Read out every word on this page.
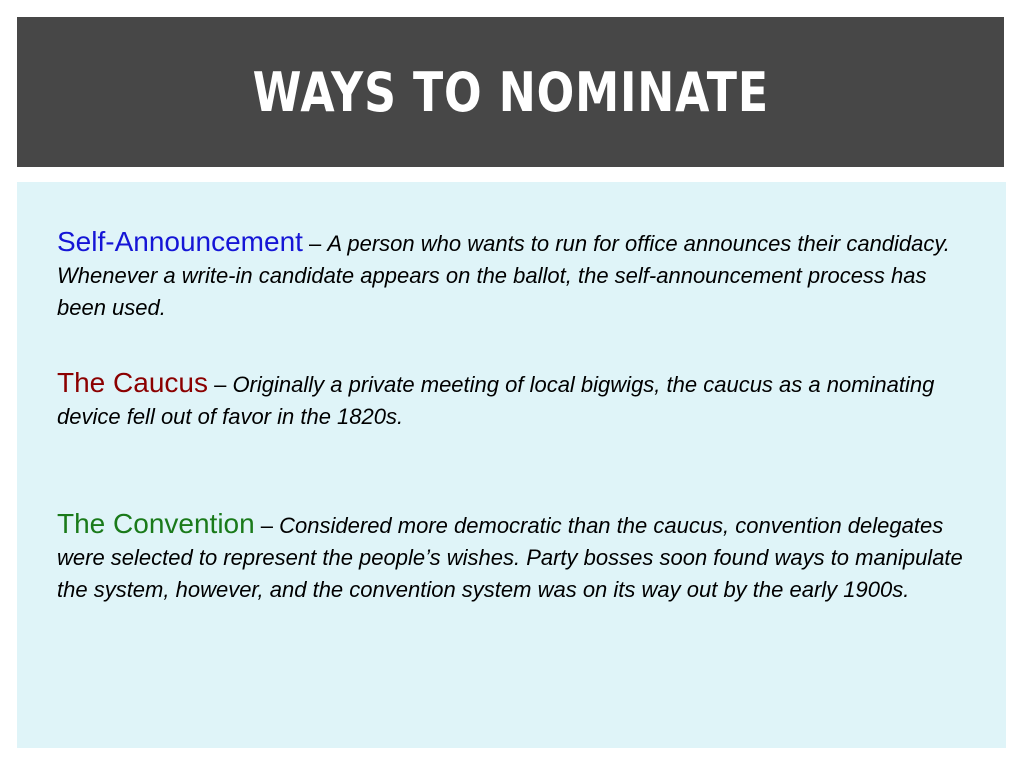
WAYS TO NOMINATE

Self-Announcement – A person who wants to run for office announces their candidacy. Whenever a write-in candidate appears on the ballot, the self-announcement process has been used.

The Caucus – Originally a private meeting of local bigwigs, the caucus as a nominating device fell out of favor in the 1820s.

The Convention – Considered more democratic than the caucus, convention delegates were selected to represent the people’s wishes. Party bosses soon found ways to manipulate the system, however, and the convention system was on its way out by the early 1900s.
